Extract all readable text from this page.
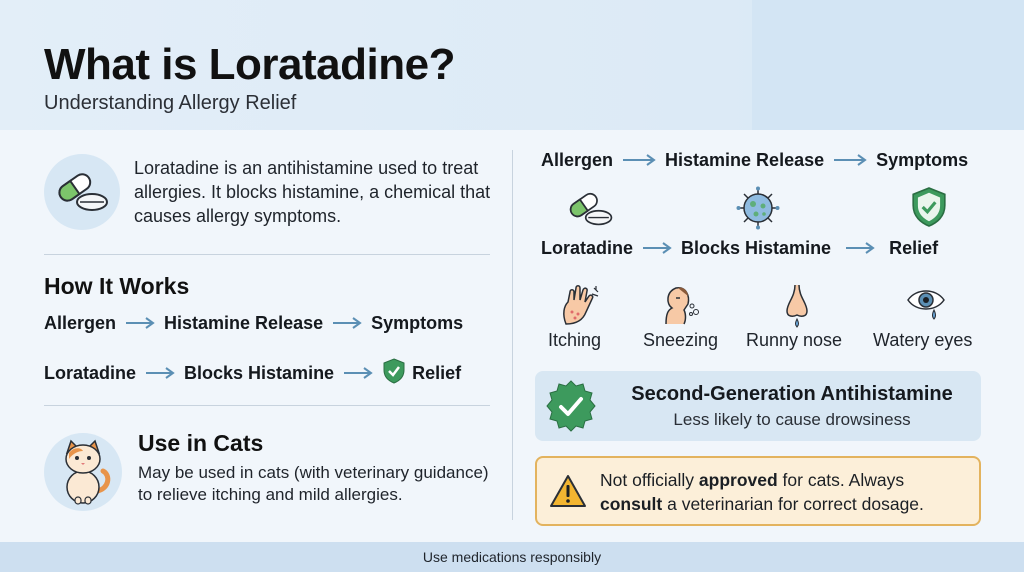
What is Loratadine?
Understanding Allergy Relief
Loratadine is an antihistamine used to treat allergies. It blocks histamine, a chemical that causes allergy symptoms.
How It Works
Allergen	Histamine Release	Symptoms
Loratadine	Blocks Histamine	Relief
Use in Cats
May be used in cats (with veterinary guidance) to relieve itching and mild allergies.
Allergen	Histamine Release	Symptoms
Loratadine	Blocks Histamine	Relief
Itching Sneezing Runny nose Watery eyes
Second-Generation Antihistamine
Less likely to cause drowsiness
Not officially approved for cats. Always consult a veterinarian for correct dosage.
Use medications responsibly
